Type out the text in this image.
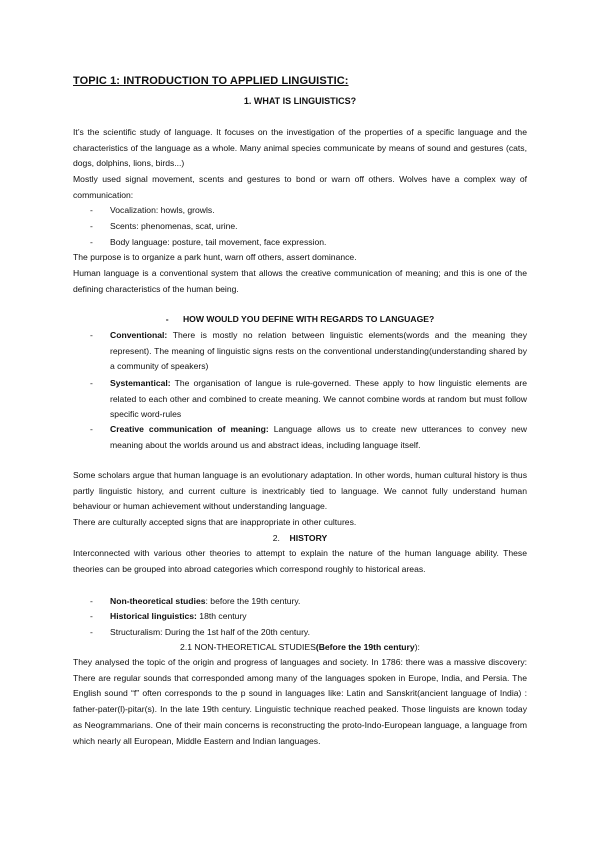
TOPIC 1: INTRODUCTION TO APPLIED LINGUISTIC:
1. WHAT IS LINGUISTICS?
It’s the scientific study of language. It focuses on the investigation of the properties of a specific language and the characteristics of the language as a whole. Many animal species communicate by means of sound and gestures (cats, dogs, dolphins, lions, birds...)
Mostly used signal movement, scents and gestures to bond or warn off others. Wolves have a complex way of communication:
-	Vocalization: howls, growls.
-	Scents: phenomenas, scat, urine.
-	Body language: posture, tail movement, face expression.
The purpose is to organize a park hunt, warn off others, assert dominance.
Human language is a conventional system that allows the creative communication of meaning; and this is one of the defining characteristics of the human being.
- HOW WOULD YOU DEFINE WITH REGARDS TO LANGUAGE?
-	Conventional: There is mostly no relation between linguistic elements(words and the meaning they represent). The meaning of linguistic signs rests on the conventional understanding(understanding shared by a community of speakers)
-	Systemantical: The organisation of langue is rule-governed. These apply to how linguistic elements are related to each other and combined to create meaning. We cannot combine words at random but must follow specific word-rules
-	Creative communication of meaning: Language allows us to create new utterances to convey new meaning about the worlds around us and abstract ideas, including language itself.
Some scholars argue that human language is an evolutionary adaptation. In other words, human cultural history is thus partly linguistic history, and current culture is inextricably tied to language. We cannot fully understand human behaviour or human achievement without understanding language.
There are culturally accepted signs that are inappropriate in other cultures.
2. HISTORY
Interconnected with various other theories to attempt to explain the nature of the human language ability. These theories can be grouped into abroad categories which correspond roughly to historical areas.
-	Non-theoretical studies: before the 19th century.
-	Historical linguistics: 18th century
-	Structuralism: During the 1st half of the 20th century.
2.1 NON-THEORETICAL STUDIES(Before the 19th century):
They analysed the topic of the origin and progress of languages and society. In 1786: there was a massive discovery: There are regular sounds that corresponded among many of the languages spoken in Europe, India, and Persia. The English sound “f” often corresponds to the p sound in languages like: Latin and Sanskrit(ancient language of India) : father-pater(l)-pitar(s). In the late 19th century. Linguistic technique reached peaked. Those linguists are known today as Neogrammarians. One of their main concerns is reconstructing the proto-Indo-European language, a language from which nearly all European, Middle Eastern and Indian languages.
